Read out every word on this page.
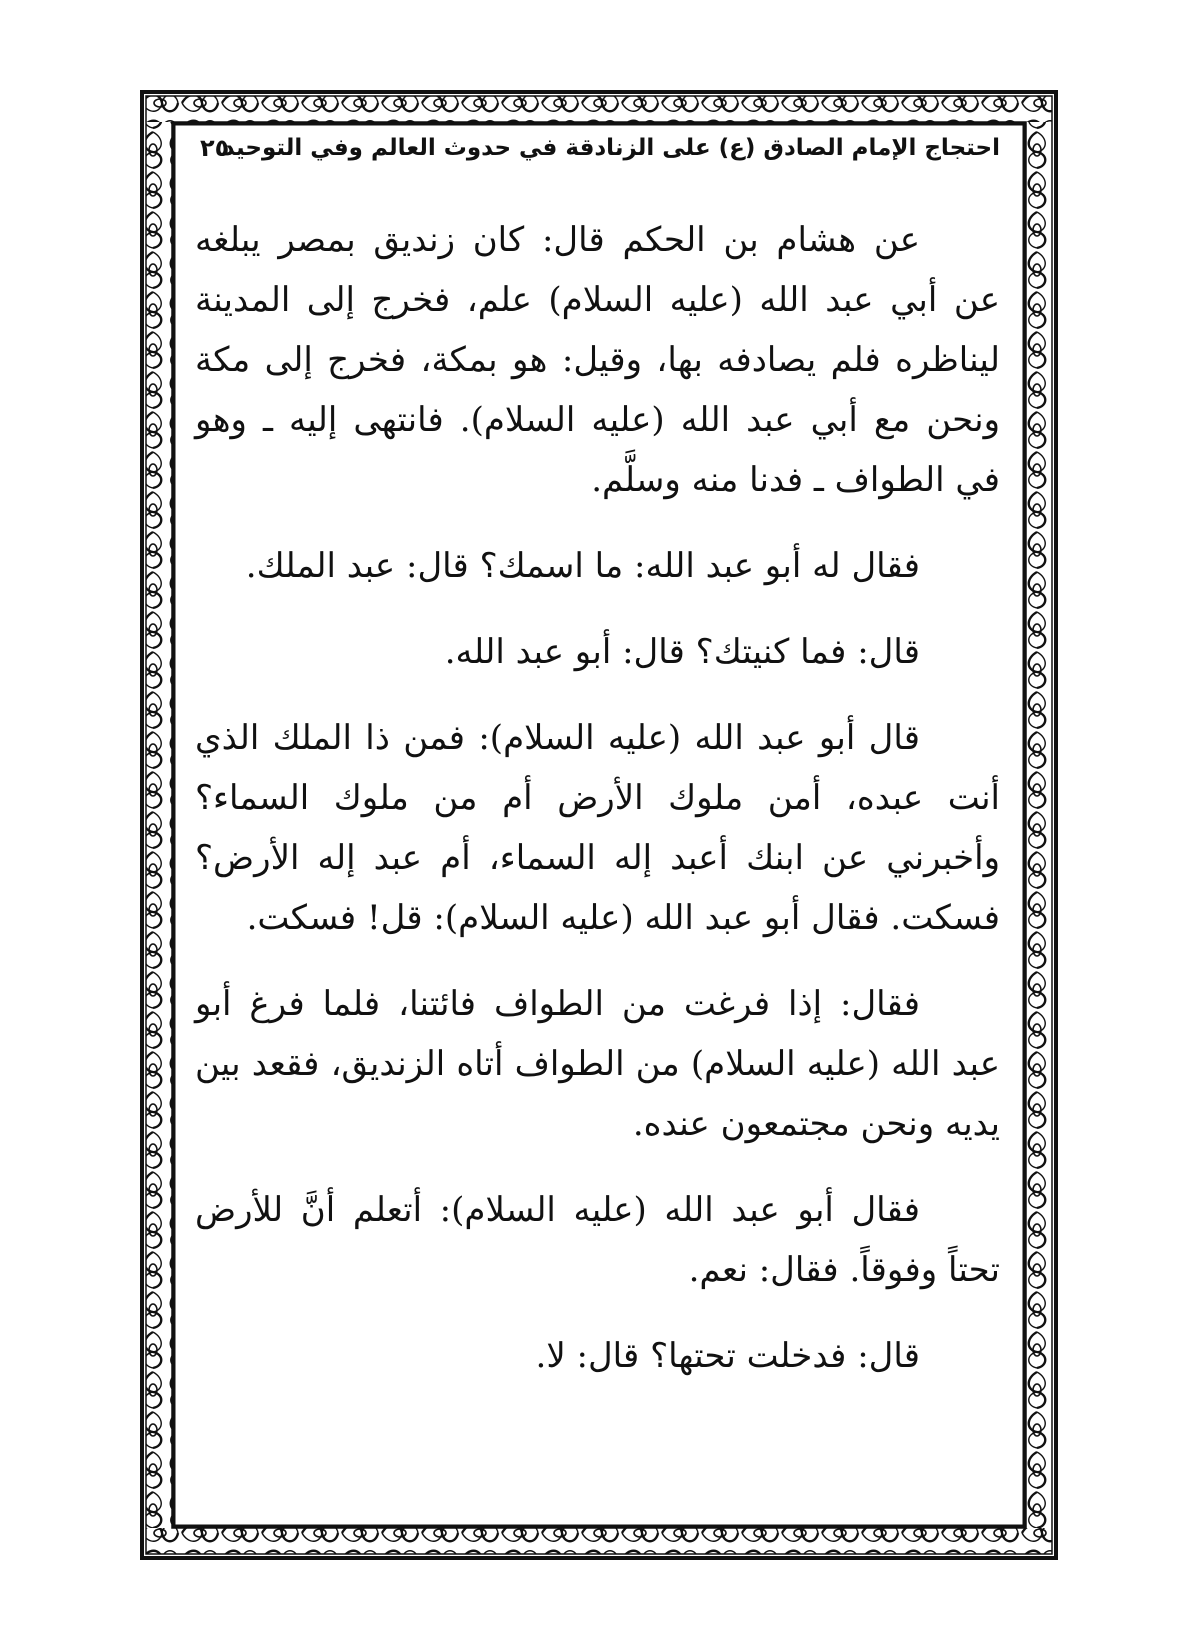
احتجاج الإمام الصادق (ع) على الزنادقة في حدوث العالم وفي التوحيد
٢٥

عن هشام بن الحكم قال: كان زنديق بمصر يبلغه عن أبي عبد الله (عليه السلام) علم، فخرج إلى المدينة ليناظره فلم يصادفه بها، وقيل: هو بمكة، فخرج إلى مكة ونحن مع أبي عبد الله (عليه السلام). فانتهى إليه ـ وهو في الطواف ـ فدنا منه وسلَّم.

فقال له أبو عبد الله: ما اسمك؟ قال: عبد الملك.

قال: فما كنيتك؟ قال: أبو عبد الله.

قال أبو عبد الله (عليه السلام): فمن ذا الملك الذي أنت عبده، أمن ملوك الأرض أم من ملوك السماء؟ وأخبرني عن ابنك أعبد إله السماء، أم عبد إله الأرض؟ فسكت. فقال أبو عبد الله (عليه السلام): قل! فسكت.

فقال: إذا فرغت من الطواف فائتنا، فلما فرغ أبو عبد الله (عليه السلام) من الطواف أتاه الزنديق، فقعد بين يديه ونحن مجتمعون عنده.

فقال أبو عبد الله (عليه السلام): أتعلم أنَّ للأرض تحتاً وفوقاً. فقال: نعم.

قال: فدخلت تحتها؟ قال: لا.
